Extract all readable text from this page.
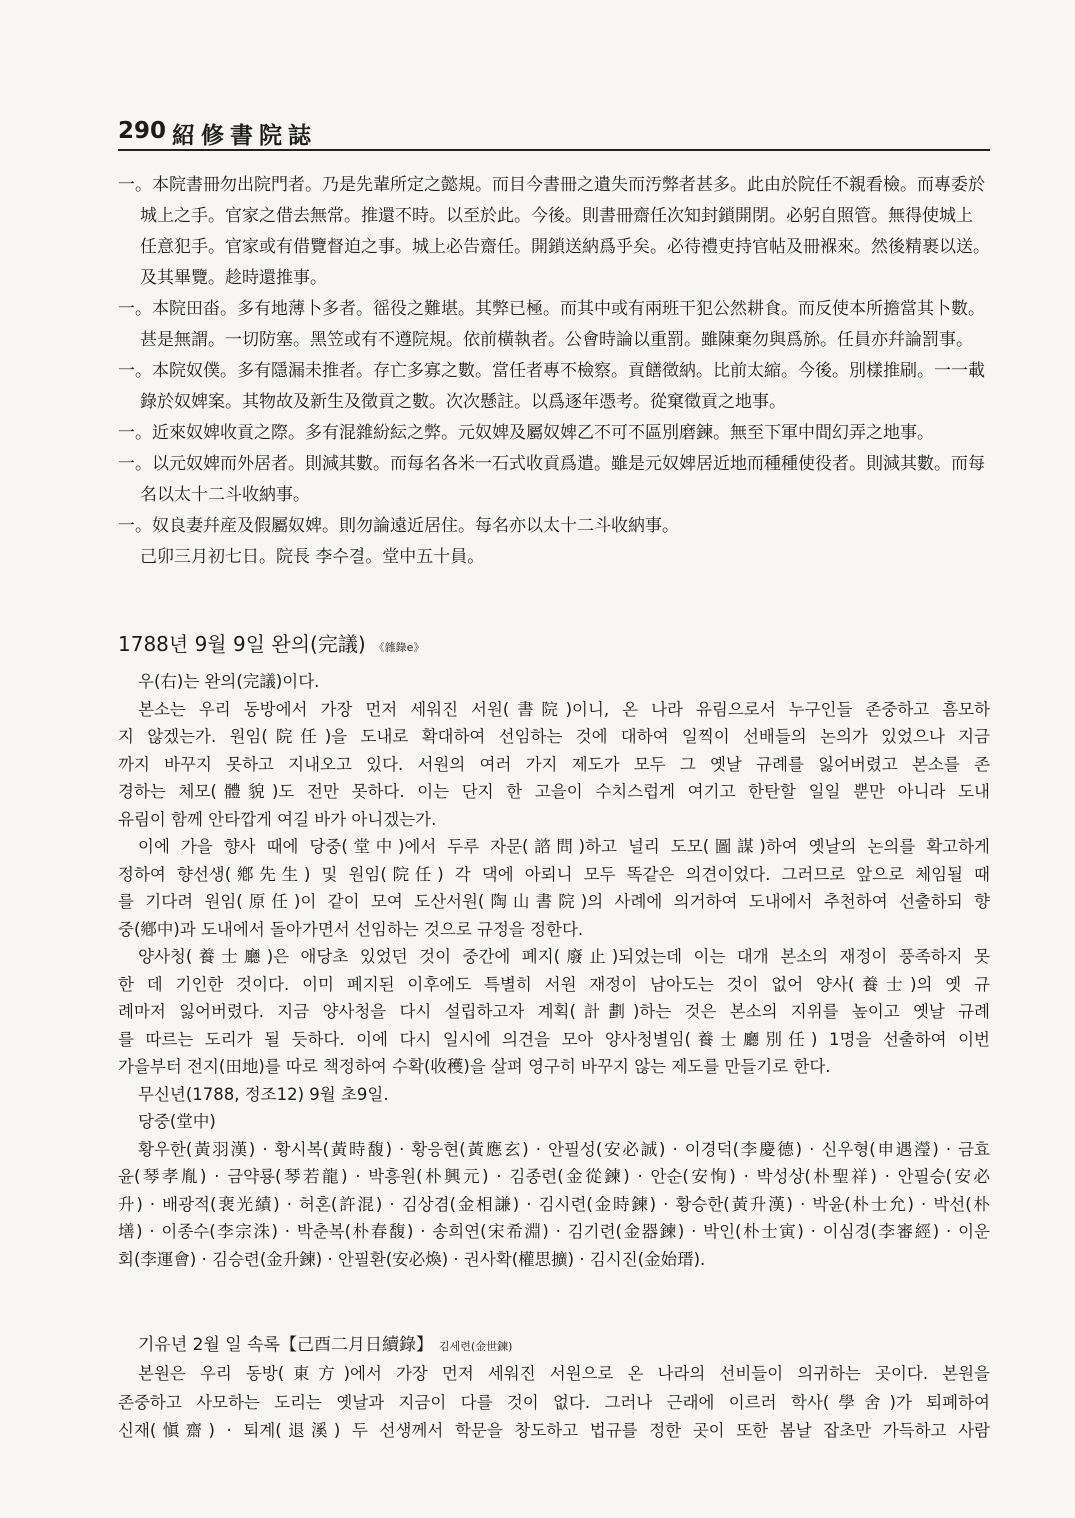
290 紹修書院誌
一。本院書冊勿出院門者。乃是先輩所定之懿規。而目今書冊之遺失而汚弊者甚多。此由於院任不親看檢。而專委於
城上之手。官家之借去無常。推還不時。以至於此。今後。則書冊齋任次知封鎖開閉。必躬自照管。無得使城上
任意犯手。官家或有借覽督迫之事。城上必告齋任。開鎖送納爲乎矣。必待禮吏持官帖及冊褓來。然後精裹以送。
及其畢覽。趁時還推事。
一。本院田畓。多有地薄卜多者。徭役之難堪。其弊已極。而其中或有兩班干犯公然耕食。而反使本所擔當其卜數。
甚是無謂。一切防塞。黑笠或有不遵院規。依前橫執者。公會時論以重罰。雖陳棄勿與爲旀。任員亦幷論罰事。
一。本院奴僕。多有隱漏未推者。存亡多寡之數。當任者專不檢察。貢饍徵納。比前太縮。今後。別樣推刷。一一載
錄於奴婢案。其物故及新生及徵貢之數。次次懸註。以爲逐年憑考。從窠徵貢之地事。
一。近來奴婢收貢之際。多有混雜紛紜之弊。元奴婢及屬奴婢乙不可不區別磨鍊。無至下軍中間幻弄之地事。
一。以元奴婢而外居者。則減其數。而每名各米一石式收貢爲遣。雖是元奴婢居近地而種種使役者。則減其數。而每
名以太十二斗收納事。
一。奴良妻幷産及假屬奴婢。則勿論遠近居住。每名亦以太十二斗收納事。
己卯三月初七日。院長 李수결。堂中五十員。
1788년 9월 9일 완의(完議) 《雜錄e》
우(右)는 완의(完議)이다.
본소는 우리 동방에서 가장 먼저 세워진 서원(書院)이니, 온 나라 유림으로서 누구인들 존중하고 흠모하
지 않겠는가. 원임(院任)을 도내로 확대하여 선임하는 것에 대하여 일찍이 선배들의 논의가 있었으나 지금
까지 바꾸지 못하고 지내오고 있다. 서원의 여러 가지 제도가 모두 그 옛날 규례를 잃어버렸고 본소를 존
경하는 체모(體貌)도 전만 못하다. 이는 단지 한 고을이 수치스럽게 여기고 한탄할 일일 뿐만 아니라 도내
유림이 함께 안타깝게 여길 바가 아니겠는가.
이에 가을 향사 때에 당중(堂中)에서 두루 자문(諮問)하고 널리 도모(圖謀)하여 옛날의 논의를 확고하게
정하여 향선생(鄕先生) 및 원임(院任) 각 댁에 아뢰니 모두 똑같은 의견이었다. 그러므로 앞으로 체임될 때
를 기다려 원임(原任)이 같이 모여 도산서원(陶山書院)의 사례에 의거하여 도내에서 추천하여 선출하되 향
중(鄕中)과 도내에서 돌아가면서 선임하는 것으로 규정을 정한다.
양사청(養士廳)은 애당초 있었던 것이 중간에 폐지(廢止)되었는데 이는 대개 본소의 재정이 풍족하지 못
한 데 기인한 것이다. 이미 폐지된 이후에도 특별히 서원 재정이 남아도는 것이 없어 양사(養士)의 옛 규
례마저 잃어버렸다. 지금 양사청을 다시 설립하고자 계획(計劃)하는 것은 본소의 지위를 높이고 옛날 규례
를 따르는 도리가 될 듯하다. 이에 다시 일시에 의견을 모아 양사청별임(養士廳別任) 1명을 선출하여 이번
가을부터 전지(田地)를 따로 책정하여 수확(收穫)을 살펴 영구히 바꾸지 않는 제도를 만들기로 한다.
무신년(1788, 정조12) 9월 초9일.
당중(堂中)
황우한(黃羽漢) · 황시복(黃時馥) · 황응현(黃應玄) · 안필성(安必誠) · 이경덕(李慶德) · 신우형(申遇瀅) · 금효
윤(琴孝胤) · 금약룡(琴若龍) · 박흥원(朴興元) · 김종련(金從鍊) · 안순(安恂) · 박성상(朴聖祥) · 안필승(安必
升) · 배광적(裵光績) · 허혼(許混) · 김상겸(金相謙) · 김시련(金時鍊) · 황승한(黃升漢) · 박윤(朴士允) · 박선(朴
墡) · 이종수(李宗洙) · 박춘복(朴春馥) · 송희연(宋希淵) · 김기련(金器鍊) · 박인(朴士寅) · 이심경(李審經) · 이운
회(李運會) · 김승련(金升鍊) · 안필환(安必煥) · 권사확(權思擴) · 김시진(金始瑨).
기유년 2월 일 속록【己酉二月日續錄】 김세련(金世鍊)
본원은 우리 동방(東方)에서 가장 먼저 세워진 서원으로 온 나라의 선비들이 의귀하는 곳이다. 본원을
존중하고 사모하는 도리는 옛날과 지금이 다를 것이 없다. 그러나 근래에 이르러 학사(學舍)가 퇴폐하여
신재(愼齋) · 퇴계(退溪) 두 선생께서 학문을 창도하고 법규를 정한 곳이 또한 봄날 잡초만 가득하고 사람
